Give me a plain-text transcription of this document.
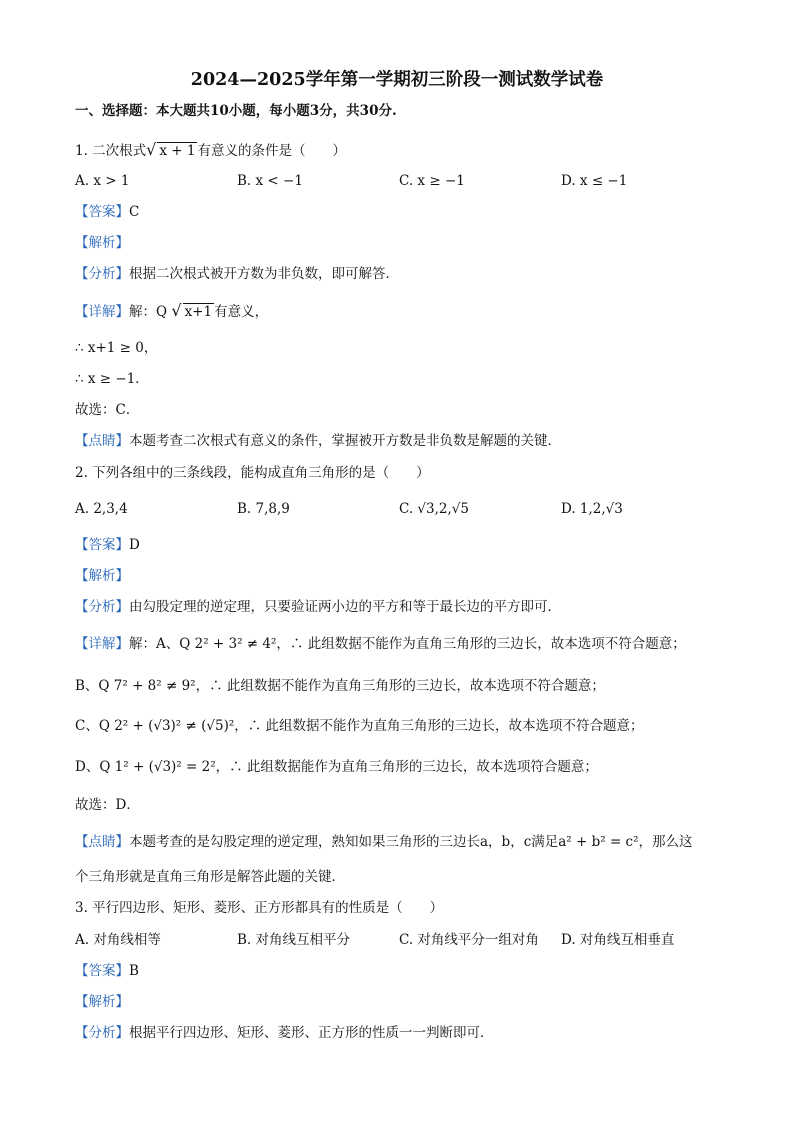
2024—2025学年第一学期初三阶段一测试数学试卷
一、选择题：本大题共10小题，每小题3分，共30分.
1. 二次根式√ x + 1 有意义的条件是（　　）
A. x > 1	B. x < −1	C. x ≥ −1	D. x ≤ −1
【答案】C
【解析】
【分析】根据二次根式被开方数为非负数，即可解答．
【详解】解：Q √ x+1 有意义，
∴ x+1 ≥ 0，
∴ x ≥ −1．
故选：C．
【点睛】本题考查二次根式有意义的条件，掌握被开方数是非负数是解题的关键．
2. 下列各组中的三条线段，能构成直角三角形的是（　　）
A. 2,3,4	B. 7,8,9	C. √3,2,√5	D. 1,2,√3
【答案】D
【解析】
【分析】由勾股定理的逆定理，只要验证两小边的平方和等于最长边的平方即可．
【详解】解：A、Q 2² + 3² ≠ 4²，∴ 此组数据不能作为直角三角形的三边长，故本选项不符合题意；
B、Q 7² + 8² ≠ 9²，∴ 此组数据不能作为直角三角形的三边长，故本选项不符合题意；
C、Q 2² + (√3)² ≠ (√5)²，∴ 此组数据不能作为直角三角形的三边长，故本选项不符合题意；
D、Q 1² + (√3)² = 2²，∴ 此组数据能作为直角三角形的三边长，故本选项符合题意；
故选：D．
【点睛】本题考查的是勾股定理的逆定理，熟知如果三角形的三边长a，b，c满足a² + b² = c²，那么这
个三角形就是直角三角形是解答此题的关键．
3. 平行四边形、矩形、菱形、正方形都具有的性质是（　　）
A. 对角线相等	B. 对角线互相平分	C. 对角线平分一组对角 D. 对角线互相垂直
【答案】B
【解析】
【分析】根据平行四边形、矩形、菱形、正方形的性质一一判断即可．
